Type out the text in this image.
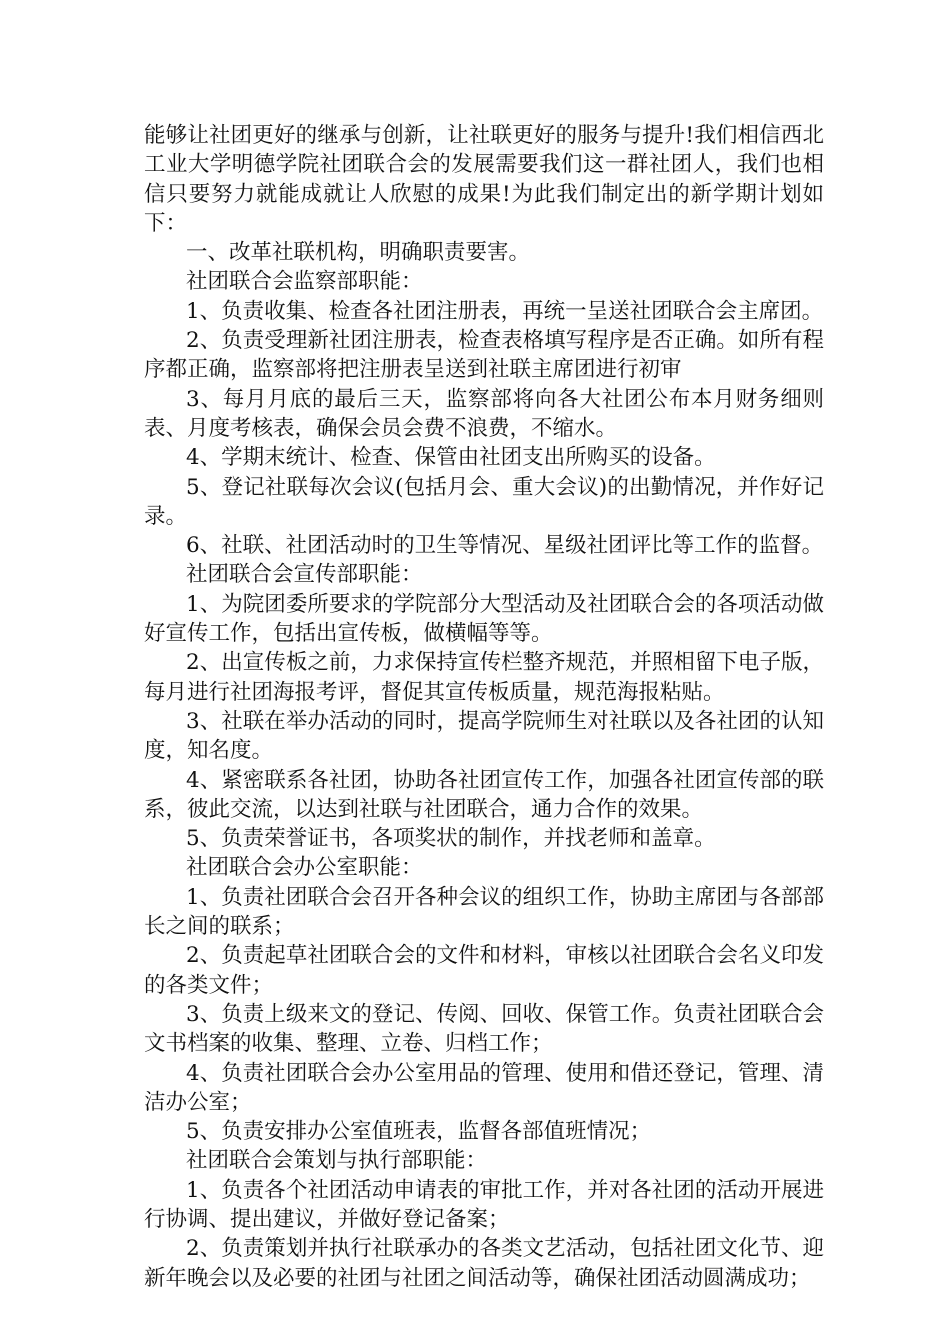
能够让社团更好的继承与创新，让社联更好的服务与提升!我们相信西北工业大学明德学院社团联合会的发展需要我们这一群社团人，我们也相信只要努力就能成就让人欣慰的成果!为此我们制定出的新学期计划如下：

一、改革社联机构，明确职责要害。

社团联合会监察部职能：

1、负责收集、检查各社团注册表，再统一呈送社团联合会主席团。

2、负责受理新社团注册表，检查表格填写程序是否正确。如所有程序都正确，监察部将把注册表呈送到社联主席团进行初审

3、每月月底的最后三天，监察部将向各大社团公布本月财务细则表、月度考核表，确保会员会费不浪费，不缩水。

4、学期末统计、检查、保管由社团支出所购买的设备。

5、登记社联每次会议(包括月会、重大会议)的出勤情况，并作好记录。

6、社联、社团活动时的卫生等情况、星级社团评比等工作的监督。

社团联合会宣传部职能：

1、为院团委所要求的学院部分大型活动及社团联合会的各项活动做好宣传工作，包括出宣传板，做横幅等等。

2、出宣传板之前，力求保持宣传栏整齐规范，并照相留下电子版，每月进行社团海报考评，督促其宣传板质量，规范海报粘贴。

3、社联在举办活动的同时，提高学院师生对社联以及各社团的认知度，知名度。

4、紧密联系各社团，协助各社团宣传工作，加强各社团宣传部的联系，彼此交流，以达到社联与社团联合，通力合作的效果。

5、负责荣誉证书，各项奖状的制作，并找老师和盖章。

社团联合会办公室职能：

1、负责社团联合会召开各种会议的组织工作，协助主席团与各部部长之间的联系；

2、负责起草社团联合会的文件和材料，审核以社团联合会名义印发的各类文件；

3、负责上级来文的登记、传阅、回收、保管工作。负责社团联合会文书档案的收集、整理、立卷、归档工作；

4、负责社团联合会办公室用品的管理、使用和借还登记，管理、清洁办公室；

5、负责安排办公室值班表，监督各部值班情况；

社团联合会策划与执行部职能：

1、负责各个社团活动申请表的审批工作，并对各社团的活动开展进行协调、提出建议，并做好登记备案；

2、负责策划并执行社联承办的各类文艺活动，包括社团文化节、迎新年晚会以及必要的社团与社团之间活动等，确保社团活动圆满成功；
